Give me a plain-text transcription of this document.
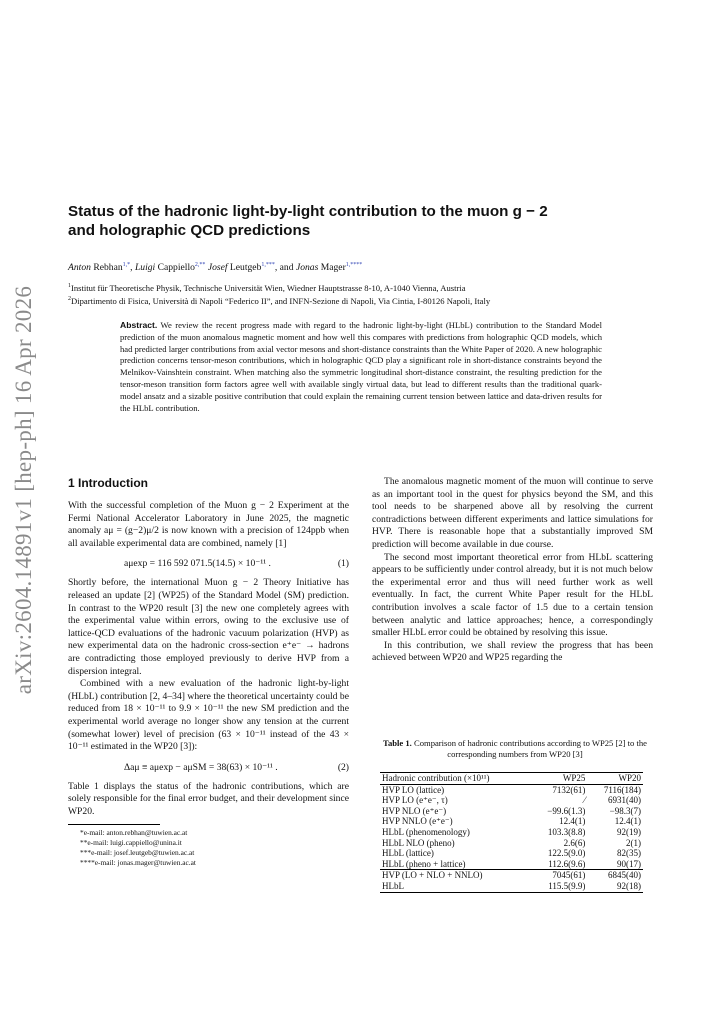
arXiv:2604.14891v1 [hep-ph] 16 Apr 2026
Status of the hadronic light-by-light contribution to the muon g − 2
and holographic QCD predictions
Anton Rebhan$^{1,*}$, Luigi Cappiello$^{2,**}$ Josef Leutgeb$^{1,***}$, and Jonas Mager$^{1,****}$
$^1$Institut für Theoretische Physik, Technische Universität Wien, Wiedner Hauptstrasse 8-10, A-1040 Vienna, Austria
$^2$Dipartimento di Fisica, Università di Napoli “Federico II”, and INFN-Sezione di Napoli, Via Cintia, I-80126 Napoli, Italy
Abstract. We review the recent progress made with regard to the hadronic light-by-light (HLbL) contribution to the Standard Model prediction of the muon anomalous magnetic moment and how well this compares with predictions from holographic QCD models, which had predicted larger contributions from axial vector mesons and short-distance constraints than the White Paper of 2020. A new holographic prediction concerns tensor-meson contributions, which in holographic QCD play a significant role in short-distance constraints beyond the Melnikov-Vainshtein constraint. When matching also the symmetric longitudinal short-distance constraint, the resulting prediction for the tensor-meson transition form factors agree well with available singly virtual data, but lead to different results than the traditional quark-model ansatz and a sizable positive contribution that could explain the remaining current tension between lattice and data-driven results for the HLbL contribution.
1 Introduction

With the successful completion of the Muon g − 2 Experiment at the Fermi National Accelerator Laboratory in June 2025, the magnetic anomaly aμ = (g−2)μ/2 is now known with a precision of 124ppb when all available experimental data are combined, namely [1]

aμexp = 116 592 071.5(14.5) × 10⁻¹¹ .	(1)

Shortly before, the international Muon g − 2 Theory Initiative has released an update [2] (WP25) of the Standard Model (SM) prediction. In contrast to the WP20 result [3] the new one completely agrees with the experimental value within errors, owing to the exclusive use of lattice-QCD evaluations of the hadronic vacuum polarization (HVP) as new experimental data on the hadronic cross-section e⁺e⁻ → hadrons are contradicting those employed previously to derive HVP from a dispersion integral.

Combined with a new evaluation of the hadronic light-by-light (HLbL) contribution [2, 4–34] where the theoretical uncertainty could be reduced from 18 × 10⁻¹¹ to 9.9 × 10⁻¹¹ the new SM prediction and the experimental world average no longer show any tension at the current (somewhat lower) level of precision (63 × 10⁻¹¹ instead of the 43 × 10⁻¹¹ estimated in the WP20 [3]):

Δaμ ≡ aμexp − aμSM = 38(63) × 10⁻¹¹ .	(2)

Table 1 displays the status of the hadronic contributions, which are solely responsible for the final error budget, and their development since WP20.

*e-mail: anton.rebhan@tuwien.ac.at
**e-mail: luigi.cappiello@unina.it
***e-mail: josef.leutgeb@tuwien.ac.at
****e-mail: jonas.mager@tuwien.ac.at

The anomalous magnetic moment of the muon will continue to serve as an important tool in the quest for physics beyond the SM, and this tool needs to be sharpened above all by resolving the current contradictions between different experiments and lattice simulations for HVP. There is reasonable hope that a substantially improved SM prediction will become available in due course.

The second most important theoretical error from HLbL scattering appears to be sufficiently under control already, but it is not much below the experimental error and thus will need further work as well eventually. In fact, the current White Paper result for the HLbL contribution involves a scale factor of 1.5 due to a certain tension between analytic and lattice approaches; hence, a correspondingly smaller HLbL error could be obtained by resolving this issue.

In this contribution, we shall review the progress that has been achieved between WP20 and WP25 regarding the

Table 1. Comparison of hadronic contributions according to WP25 [2] to the corresponding numbers from WP20 [3]
Hadronic contribution (×10¹¹)	WP25	WP20
HVP LO (lattice)	7132(61)	7116(184)
HVP LO (e⁺e⁻, τ)	⁄	6931(40)
HVP NLO (e⁺e⁻)	−99.6(1.3)	−98.3(7)
HVP NNLO (e⁺e⁻)	12.4(1)	12.4(1)
HLbL (phenomenology)	103.3(8.8)	92(19)
HLbL NLO (pheno)	2.6(6)	2(1)
HLbL (lattice)	122.5(9.0)	82(35)
HLbL (pheno + lattice)	112.6(9.6)	90(17)
HVP (LO + NLO + NNLO)	7045(61)	6845(40)
HLbL	115.5(9.9)	92(18)
